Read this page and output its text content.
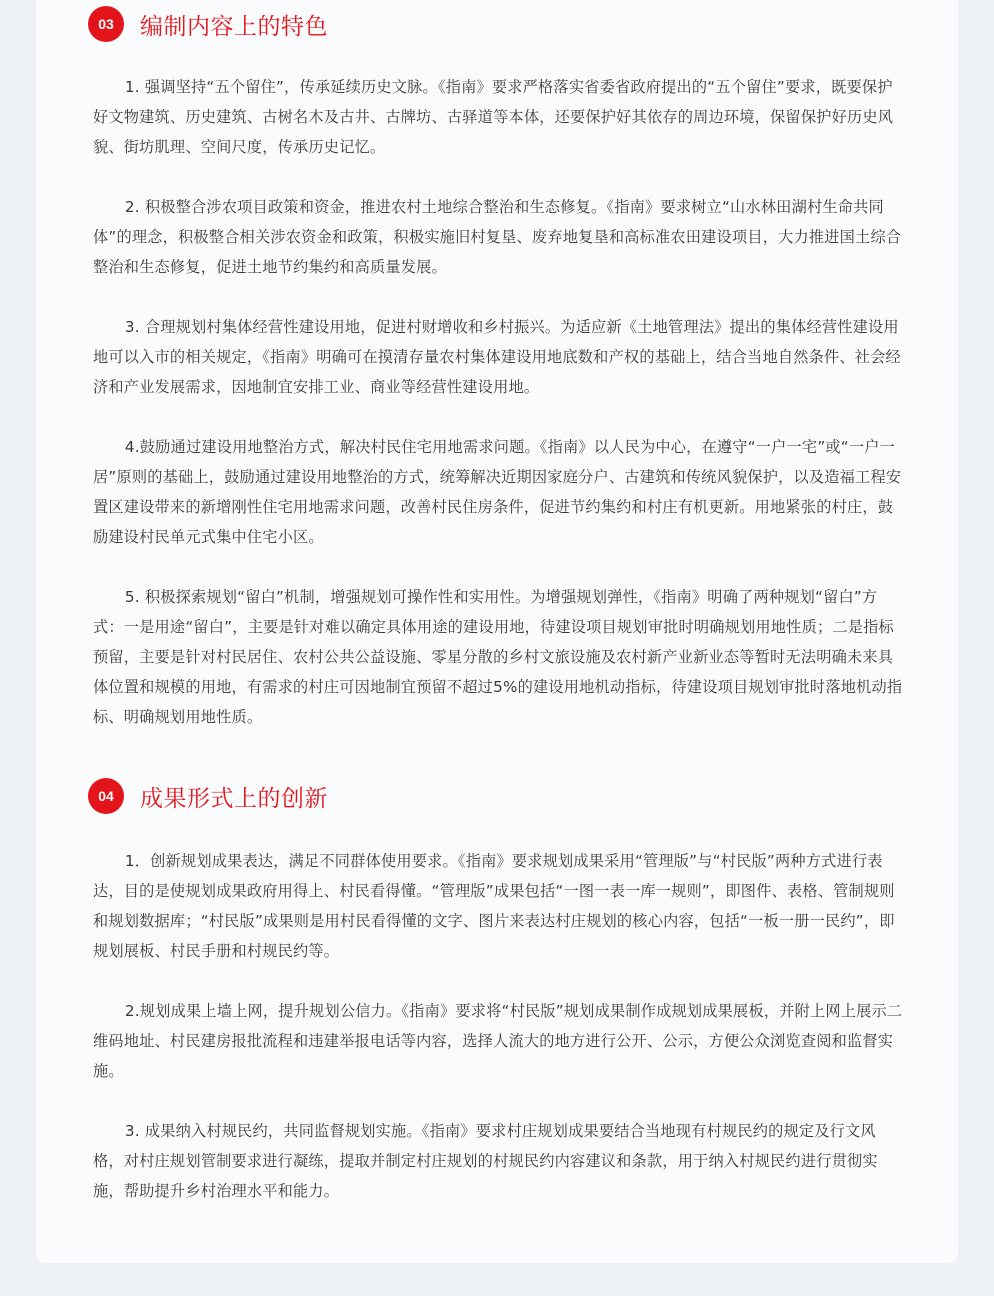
03	编制内容上的特色

1. 强调坚持“五个留住”，传承延续历史文脉。《指南》要求严格落实省委省政府提出的“五个留住”要求，既要保护好文物建筑、历史建筑、古树名木及古井、古牌坊、古驿道等本体，还要保护好其依存的周边环境，保留保护好历史风貌、街坊肌理、空间尺度，传承历史记忆。

2. 积极整合涉农项目政策和资金，推进农村土地综合整治和生态修复。《指南》要求树立“山水林田湖村生命共同体”的理念，积极整合相关涉农资金和政策，积极实施旧村复垦、废弃地复垦和高标准农田建设项目，大力推进国土综合整治和生态修复，促进土地节约集约和高质量发展。

3. 合理规划村集体经营性建设用地，促进村财增收和乡村振兴。为适应新《土地管理法》提出的集体经营性建设用地可以入市的相关规定，《指南》明确可在摸清存量农村集体建设用地底数和产权的基础上，结合当地自然条件、社会经济和产业发展需求，因地制宜安排工业、商业等经营性建设用地。

4.鼓励通过建设用地整治方式，解决村民住宅用地需求问题。《指南》以人民为中心，在遵守“一户一宅”或“一户一居”原则的基础上，鼓励通过建设用地整治的方式，统筹解决近期因家庭分户、古建筑和传统风貌保护，以及造福工程安置区建设带来的新增刚性住宅用地需求问题，改善村民住房条件，促进节约集约和村庄有机更新。用地紧张的村庄，鼓励建设村民单元式集中住宅小区。

5. 积极探索规划“留白”机制，增强规划可操作性和实用性。为增强规划弹性，《指南》明确了两种规划“留白”方式：一是用途“留白”，主要是针对难以确定具体用途的建设用地，待建设项目规划审批时明确规划用地性质；二是指标预留，主要是针对村民居住、农村公共公益设施、零星分散的乡村文旅设施及农村新产业新业态等暂时无法明确未来具体位置和规模的用地，有需求的村庄可因地制宜预留不超过5%的建设用地机动指标，待建设项目规划审批时落地机动指标、明确规划用地性质。

04	成果形式上的创新

1．创新规划成果表达，满足不同群体使用要求。《指南》要求规划成果采用“管理版”与“村民版”两种方式进行表达，目的是使规划成果政府用得上、村民看得懂。“管理版”成果包括“一图一表一库一规则”，即图件、表格、管制规则和规划数据库；“村民版”成果则是用村民看得懂的文字、图片来表达村庄规划的核心内容，包括“一板一册一民约”，即规划展板、村民手册和村规民约等。

2.规划成果上墙上网，提升规划公信力。《指南》要求将“村民版”规划成果制作成规划成果展板，并附上网上展示二维码地址、村民建房报批流程和违建举报电话等内容，选择人流大的地方进行公开、公示，方便公众浏览查阅和监督实施。

3. 成果纳入村规民约，共同监督规划实施。《指南》要求村庄规划成果要结合当地现有村规民约的规定及行文风格，对村庄规划管制要求进行凝练，提取并制定村庄规划的村规民约内容建议和条款，用于纳入村规民约进行贯彻实施，帮助提升乡村治理水平和能力。
